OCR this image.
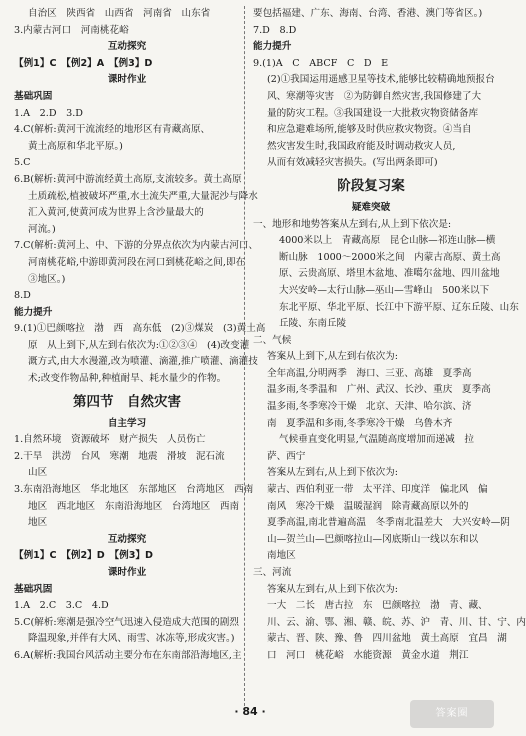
自治区　陕西省　山西省　河南省　山东省
3.内蒙古河口　河南桃花峪
互动探究
【例1】C　【例2】A　【例3】D
课时作业
基础巩固
1.A　2.D　3.D
4.C(解析:黄河干流流经的地形区有青藏高原、
黄土高原和华北平原。)
5.C
6.B(解析:黄河中游流经黄土高原,支流较多。黄土高原
土质疏松,植被破坏严重,水土流失严重,大量泥沙与降水
汇入黄河,使黄河成为世界上含沙量最大的
河流。)
7.C(解析:黄河上、中、下游的分界点依次为内蒙古河口、
河南桃花峪,中游即黄河段在河口到桃花峪之间,即在
③地区。)
8.D
能力提升
9.(1)①巴颜喀拉　渤　西　高东低　(2)③煤炭　(3)黄土高
原　从上到下,从左到右依次为:①②③④　(4)改变灌
溉方式,由大水漫灌,改为喷灌、滴灌,推广喷灌、滴灌技
术;改变作物品种,种植耐旱、耗水量少的作物。
第四节　自然灾害
自主学习
1.自然环境　资源破坏　财产损失　人员伤亡
2.干旱　洪涝　台风　寒潮　地震　滑坡　泥石流
山区
3.东南沿海地区　华北地区　东部地区　台湾地区　西南
地区　西北地区　东南沿海地区　台湾地区　西南
地区
互动探究
【例1】C　【例2】D　【例3】D
课时作业
基础巩固
1.A　2.C　3.C　4.D
5.C(解析:寒潮是强冷空气迅速入侵造成大范围的剧烈
降温现象,并伴有大风、雨雪、冰冻等,形成灾害。)
6.A(解析:我国台风活动主要分布在东南部沿海地区,主
要包括福建、广东、海南、台湾、香港、澳门等省区。)
7.D　8.D
能力提升
9.(1)A　C　ABCF　C　D　E
(2)①我国运用遥感卫星等技术,能够比较精确地预报台
风、寒潮等灾害　②为防御自然灾害,我国修建了大
量的防灾工程。③我国建设一大批救灾物资储备库
和应急避难场所,能够及时供应救灾物资。④当自
然灾害发生时,我国政府能及时调动救灾人员,
从而有效减轻灾害损失。(写出两条即可)
阶段复习案
疑难突破
一、地形和地势答案从左到右,从上到下依次是:
4000米以上　青藏高原　昆仑山脉—祁连山脉—横
断山脉　1000～2000米之间　内蒙古高原、黄土高
原、云贵高原、塔里木盆地、准噶尔盆地、四川盆地
大兴安岭—太行山脉—巫山—雪峰山　500米以下
东北平原、华北平原、长江中下游平原、辽东丘陵、山东
丘陵、东南丘陵
二、气候
答案从上到下,从左到右依次为:
全年高温,分明两季　海口、三亚、高雄　夏季高
温多雨,冬季温和　广州、武汉、长沙、重庆　夏季高
温多雨,冬季寒冷干燥　北京、天津、哈尔滨、济
南　夏季温和多雨,冬季寒冷干燥　乌鲁木齐
气候垂直变化明显,气温随高度增加而递减　拉
萨、西宁
答案从左到右,从上到下依次为:
蒙古、西伯利亚一带　太平洋、印度洋　偏北风　偏
南风　寒冷干燥　温暖湿润　除青藏高原以外的
夏季高温,南北普遍高温　冬季南北温差大　大兴安岭—阴
山—贺兰山—巴颜喀拉山—冈底斯山一线以东和以
南地区
三、河流
答案从左到右,从上到下依次为:
一大　二长　唐古拉　东　巴颜喀拉　渤　青、藏、
川、云、渝、鄂、湘、赣、皖、苏、沪　青、川、甘、宁、内
蒙古、晋、陕、豫、鲁　四川盆地　黄土高原　宜昌　湖
口　河口　桃花峪　水能资源　黄金水道　荆江
· 84 ·	答案圈
